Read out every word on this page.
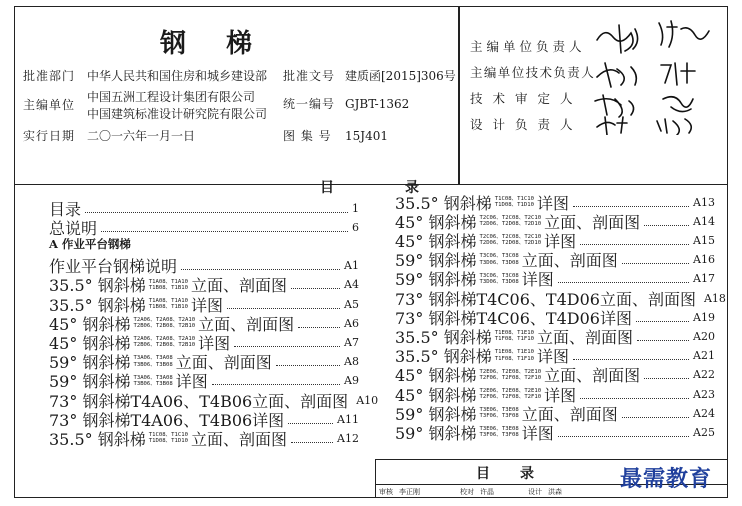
钢梯
批准部门 中华人民共和国住房和城乡建设部
主编单位
中国五洲工程设计集团有限公司
中国建筑标准设计研究院有限公司
实行日期 二〇一六年一月一日
批准文号 建质函[2015]306号
统一编号 GJBT-1362
图 集 号 15J401
主编单位负责人
主编单位技术负责人
技术审定人
设计负责人
目	录
目录	1
总说明	6
A 作业平台钢梯
作业平台钢梯说明	A1
35.5° 钢斜梯 T1A08、T1A10
T1B08、T1B10 立面、剖面图	A4
35.5° 钢斜梯 T1A08、T1A10
T1B08、T1B10 详图	A5
45° 钢斜梯 T2A06、T2A08、T2A10
T2B06、T2B08、T2B10 立面、剖面图	A6
45° 钢斜梯 T2A06、T2A08、T2A10
T2B06、T2B08、T2B10 详图	A7
59° 钢斜梯 T3A06、T3A08
T3B06、T3B08 立面、剖面图	A8
59° 钢斜梯 T3A06、T3A08
T3B06、T3B08 详图	A9
73° 钢斜梯T4A06、T4B06立面、剖面图 A10
73° 钢斜梯T4A06、T4B06详图	A11
35.5° 钢斜梯 T1C08、T1C10
T1D08、T1D10 立面、剖面图	A12
35.5° 钢斜梯 T1C08、T1C10
T1D08、T1D10 详图	A13
45° 钢斜梯 T2C06、T2C08、T2C10
T2D06、T2D08、T2D10 立面、剖面图	A14
45° 钢斜梯 T2C06、T2C08、T2C10
T2D06、T2D08、T2D10 详图	A15
59° 钢斜梯 T3C06、T3C08
T3D06、T3D08 立面、剖面图	A16
59° 钢斜梯 T3C06、T3C08
T3D06、T3D08 详图	A17
73° 钢斜梯T4C06、T4D06立面、剖面图 A18
73° 钢斜梯T4C06、T4D06详图	A19
35.5° 钢斜梯 T1E08、T1E10
T1F08、T1F10 立面、剖面图	A20
35.5° 钢斜梯 T1E08、T1E10
T1F08、T1F10 详图	A21
45° 钢斜梯 T2E06、T2E08、T2E10
T2F06、T2F08、T2F10 立面、剖面图	A22
45° 钢斜梯 T2E06、T2E08、T2E10
T2F06、T2F08、T2F10 详图	A23
59° 钢斜梯 T3E06、T3E08
T3F06、T3F08 立面、剖面图	A24
59° 钢斜梯 T3E06、T3E08
T3F06、T3F08 详图	A25
目录
审核 李正刚	校对 许晶	设计 洪森	最需教育
